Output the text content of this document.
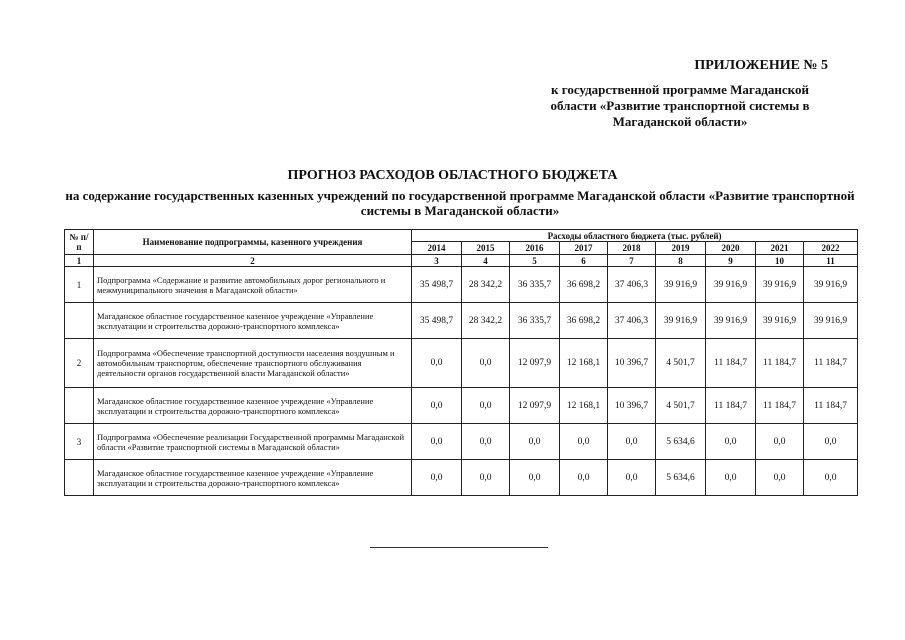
ПРИЛОЖЕНИЕ № 5
к государственной программе Магаданской области «Развитие транспортной системы в Магаданской области»
ПРОГНОЗ РАСХОДОВ ОБЛАСТНОГО БЮДЖЕТА
на содержание государственных казенных учреждений по государственной программе Магаданской области «Развитие транспортной системы в Магаданской области»
№ п/п	Наименование подпрограммы, казенного учреждения	Расходы областного бюджета (тыс. рублей)								
		2014	2015	2016	2017	2018	2019	2020	2021	2022
1	2	3	4	5	6	7	8	9	10	11
1	Подпрограмма «Содержание и развитие автомобильных дорог регионального и межмуниципального значения в Магаданской области»	35 498,7	28 342,2	36 335,7	36 698,2	37 406,3	39 916,9	39 916,9	39 916,9	39 916,9
	Магаданское областное государственное казенное учреждение «Управление эксплуатации и строительства дорожно-транспортного комплекса»	35 498,7	28 342,2	36 335,7	36 698,2	37 406,3	39 916,9	39 916,9	39 916,9	39 916,9
2	Подпрограмма «Обеспечение транспортной доступности населения воздушным и автомобильным транспортом, обеспечение транспортного обслуживания деятельности органов государственной власти Магаданской области»	0,0	0,0	12 097,9	12 168,1	10 396,7	4 501,7	11 184,7	11 184,7	11 184,7
	Магаданское областное государственное казенное учреждение «Управление эксплуатации и строительства дорожно-транспортного комплекса»	0,0	0,0	12 097,9	12 168,1	10 396,7	4 501,7	11 184,7	11 184,7	11 184,7
3	Подпрограмма «Обеспечение реализации Государственной программы Магаданской области «Развитие транспортной системы в Магаданской области»	0,0	0,0	0,0	0,0	0,0	5 634,6	0,0	0,0	0,0
	Магаданское областное государственное казенное учреждение «Управление эксплуатации и строительства дорожно-транспортного комплекса»	0,0	0,0	0,0	0,0	0,0	5 634,6	0,0	0,0	0,0
